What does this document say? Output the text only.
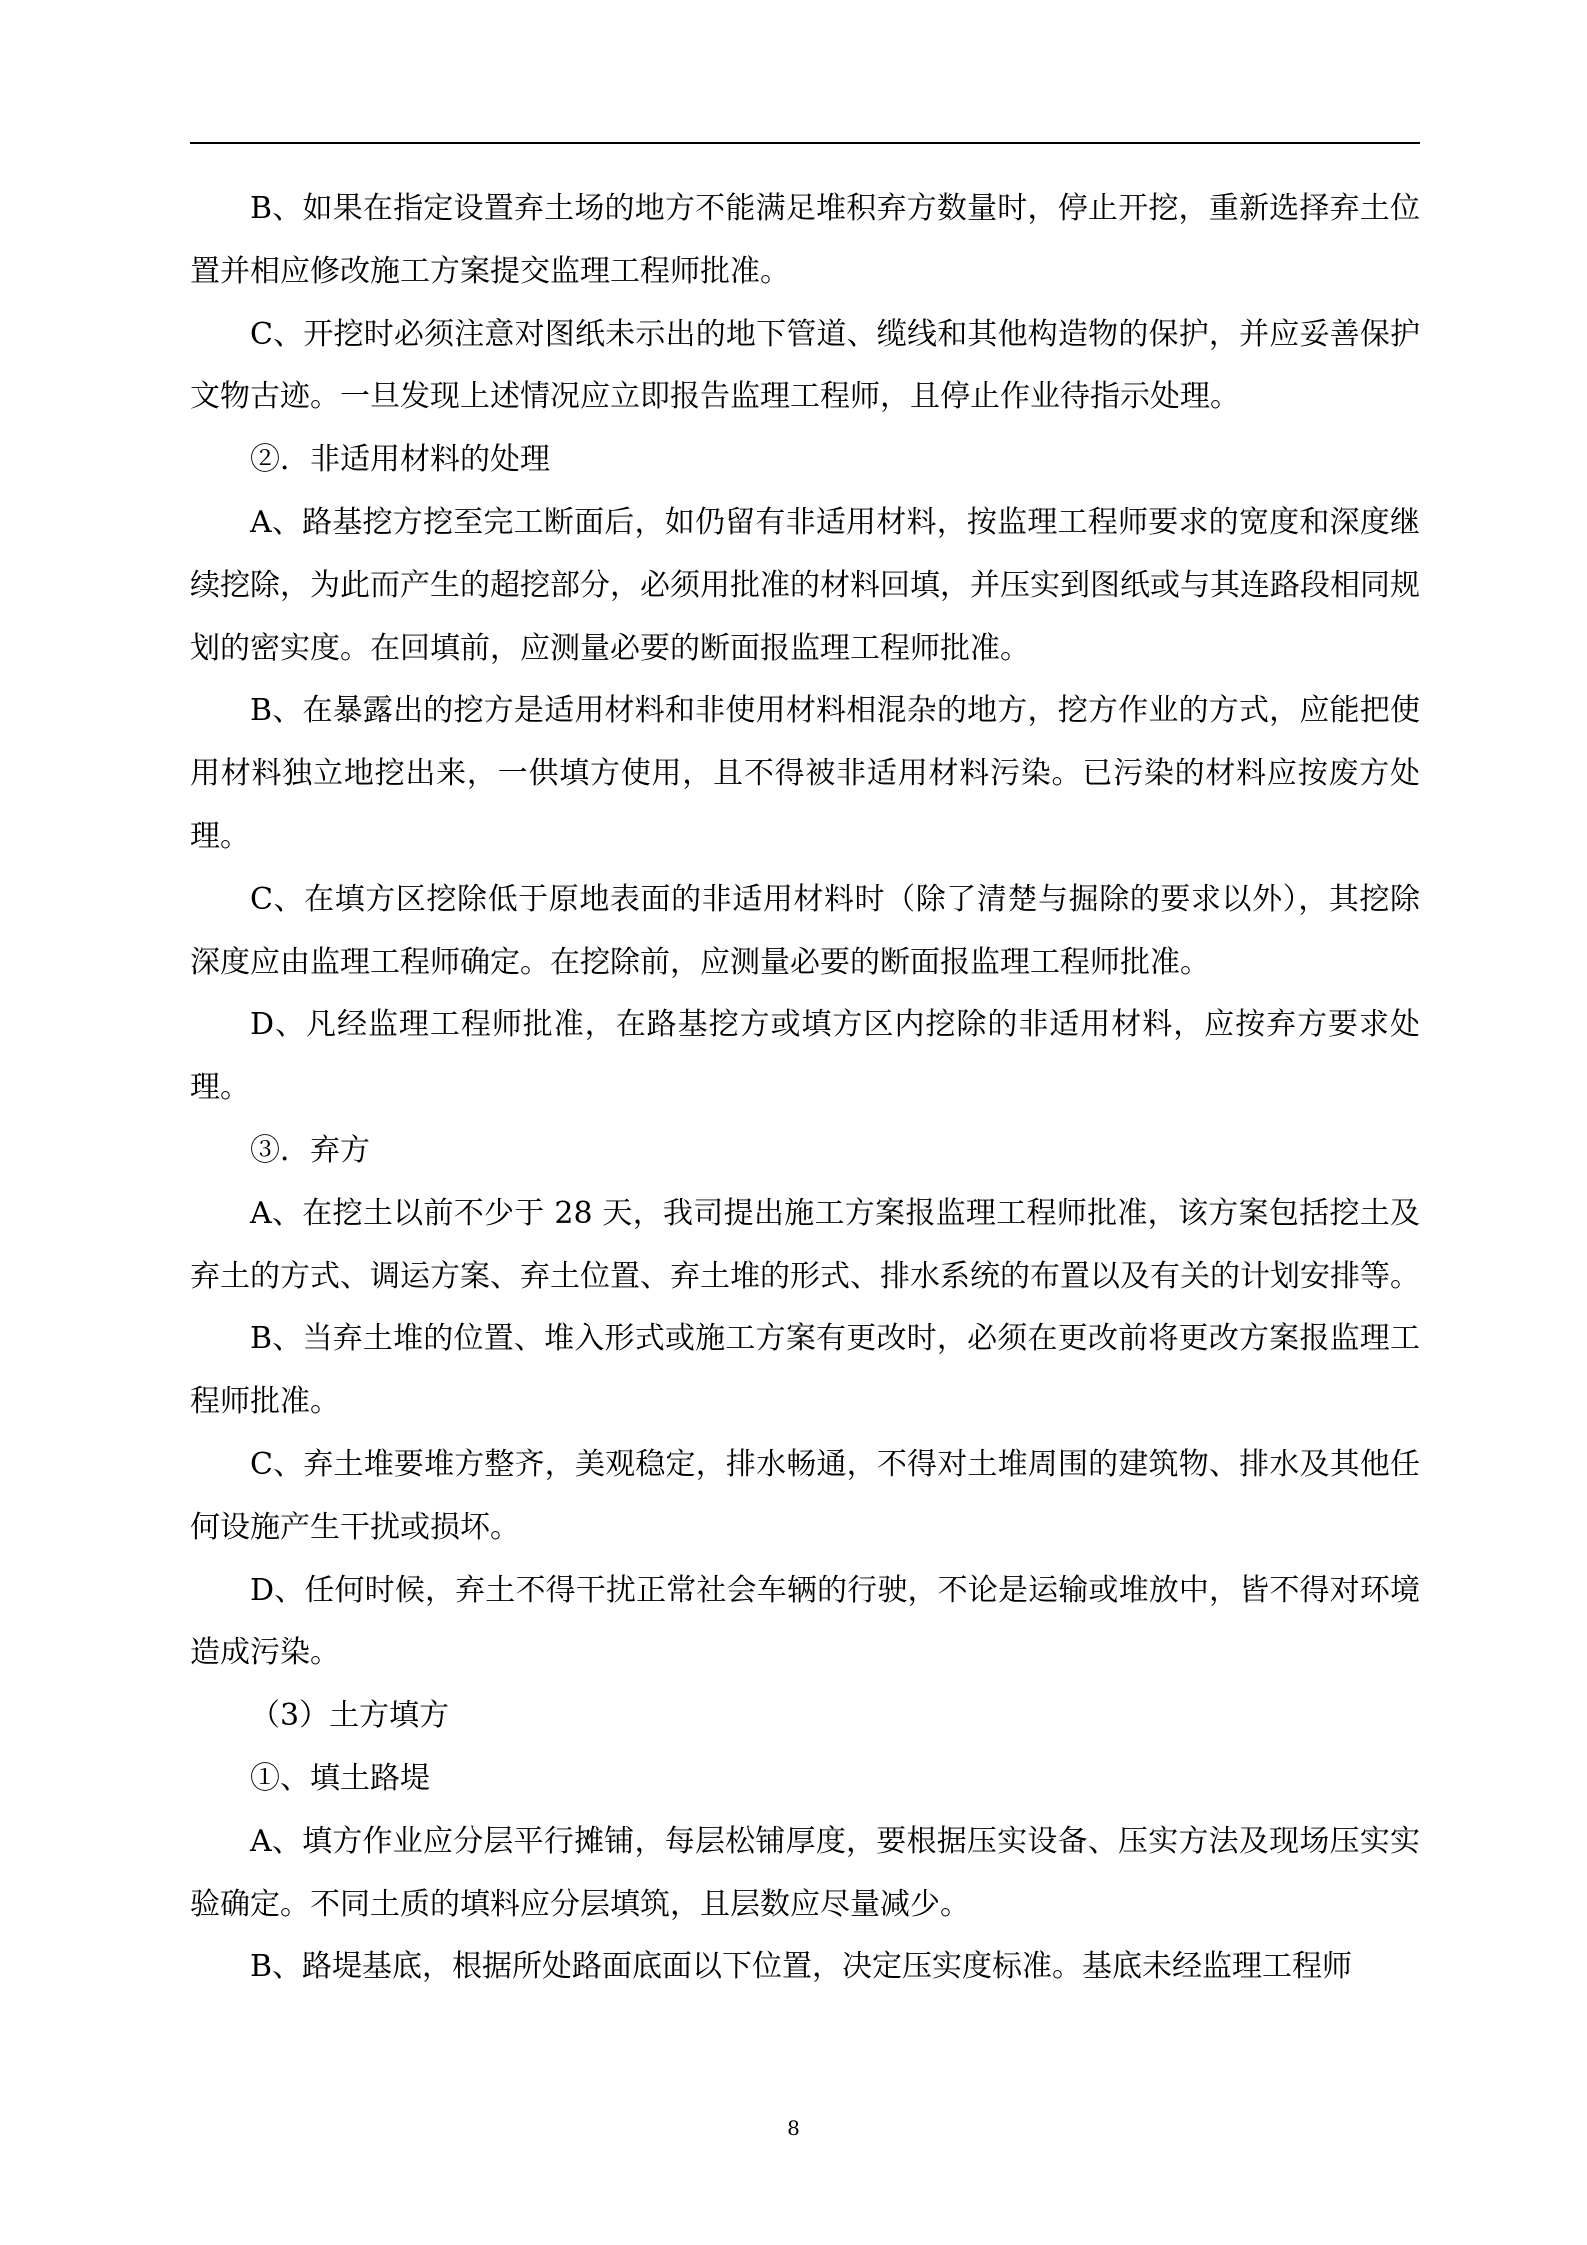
B、如果在指定设置弃土场的地方不能满足堆积弃方数量时，停止开挖，重新选择弃土位置并相应修改施工方案提交监理工程师批准。

C、开挖时必须注意对图纸未示出的地下管道、缆线和其他构造物的保护，并应妥善保护文物古迹。一旦发现上述情况应立即报告监理工程师，且停止作业待指示处理。

②．非适用材料的处理

A、路基挖方挖至完工断面后，如仍留有非适用材料，按监理工程师要求的宽度和深度继续挖除，为此而产生的超挖部分，必须用批准的材料回填，并压实到图纸或与其连路段相同规划的密实度。在回填前，应测量必要的断面报监理工程师批准。

B、在暴露出的挖方是适用材料和非使用材料相混杂的地方，挖方作业的方式，应能把使用材料独立地挖出来，一供填方使用，且不得被非适用材料污染。已污染的材料应按废方处理。

C、在填方区挖除低于原地表面的非适用材料时（除了清楚与掘除的要求以外），其挖除深度应由监理工程师确定。在挖除前，应测量必要的断面报监理工程师批准。

D、凡经监理工程师批准，在路基挖方或填方区内挖除的非适用材料，应按弃方要求处理。

③．弃方

A、在挖土以前不少于 28 天，我司提出施工方案报监理工程师批准，该方案包括挖土及弃土的方式、调运方案、弃土位置、弃土堆的形式、排水系统的布置以及有关的计划安排等。

B、当弃土堆的位置、堆入形式或施工方案有更改时，必须在更改前将更改方案报监理工程师批准。

C、弃土堆要堆方整齐，美观稳定，排水畅通，不得对土堆周围的建筑物、排水及其他任何设施产生干扰或损坏。

D、任何时候，弃土不得干扰正常社会车辆的行驶，不论是运输或堆放中，皆不得对环境造成污染。

（3）土方填方

①、填土路堤

A、填方作业应分层平行摊铺，每层松铺厚度，要根据压实设备、压实方法及现场压实实验确定。不同土质的填料应分层填筑，且层数应尽量减少。

B、路堤基底，根据所处路面底面以下位置，决定压实度标准。基底未经监理工程师

8
